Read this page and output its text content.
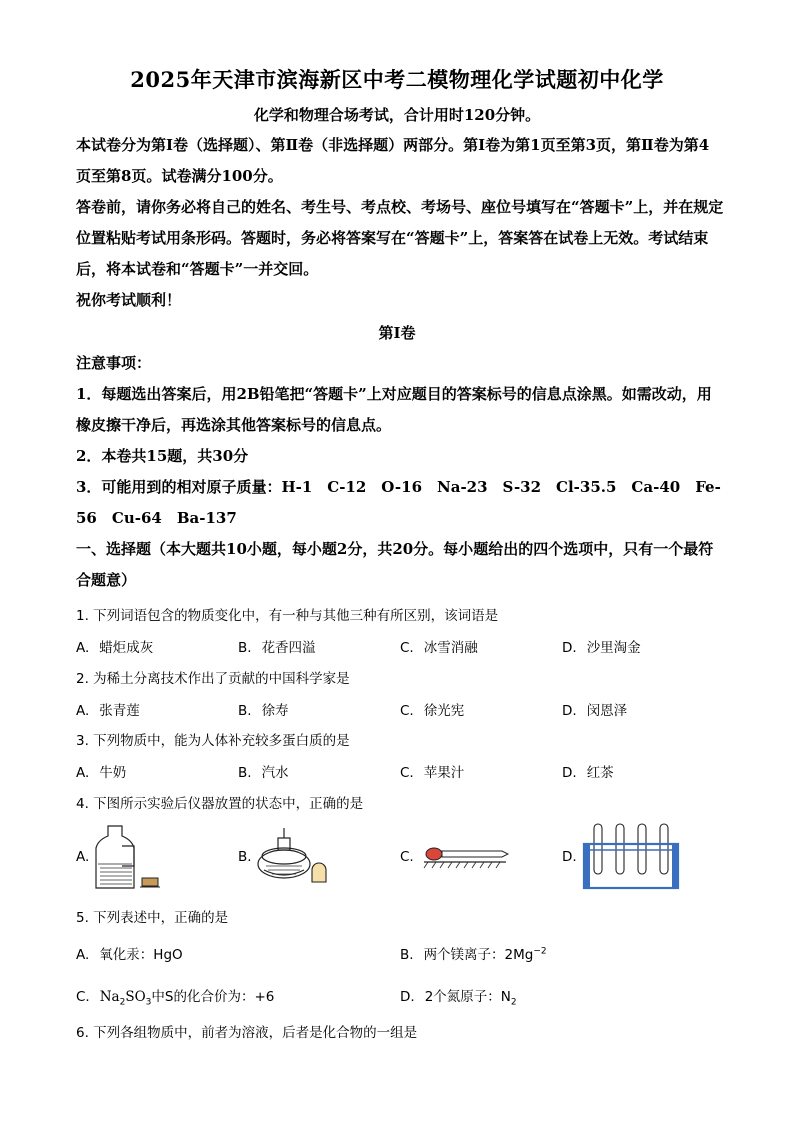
2025年天津市滨海新区中考二模物理化学试题初中化学
化学和物理合场考试，合计用时120分钟。
本试卷分为第Ⅰ卷（选择题）、第Ⅱ卷（非选择题）两部分。第Ⅰ卷为第1页至第3页，第Ⅱ卷为第4页至第8页。试卷满分100分。
答卷前，请你务必将自己的姓名、考生号、考点校、考场号、座位号填写在“答题卡”上，并在规定位置粘贴考试用条形码。答题时，务必将答案写在“答题卡”上，答案答在试卷上无效。考试结束后，将本试卷和“答题卡”一并交回。
祝你考试顺利！
第Ⅰ卷
注意事项：
1．每题选出答案后，用2B铅笔把“答题卡”上对应题目的答案标号的信息点涂黑。如需改动，用橡皮擦干净后，再选涂其他答案标号的信息点。
2．本卷共15题，共30分
3．可能用到的相对原子质量：H-1　C-12　O-16　Na-23　S-32　Cl-35.5　Ca-40　Fe-56　Cu-64　Ba-137
一、选择题（本大题共10小题，每小题2分，共20分。每小题给出的四个选项中，只有一个最符合题意）
1. 下列词语包含的物质变化中，有一种与其他三种有所区别，该词语是
A. 蜡炬成灰	B. 花香四溢	C. 冰雪消融	D. 沙里淘金
2. 为稀土分离技术作出了贡献的中国科学家是
A. 张青莲	B. 徐寿	C. 徐光宪	D. 闵恩泽
3. 下列物质中，能为人体补充较多蛋白质的是
A. 牛奶	B. 汽水	C. 苹果汁	D. 红茶
4. 下图所示实验后仪器放置的状态中，正确的是
A.	B.	C.	D.
5. 下列表述中，正确的是
A. 氧化汞：HgO	B. 两个镁离子：$2Mg^{-2}$
C. $Na_2SO_3$中S的化合价为：+6	D. 2个氮原子：$N_2$
6. 下列各组物质中，前者为溶液，后者是化合物的一组是
